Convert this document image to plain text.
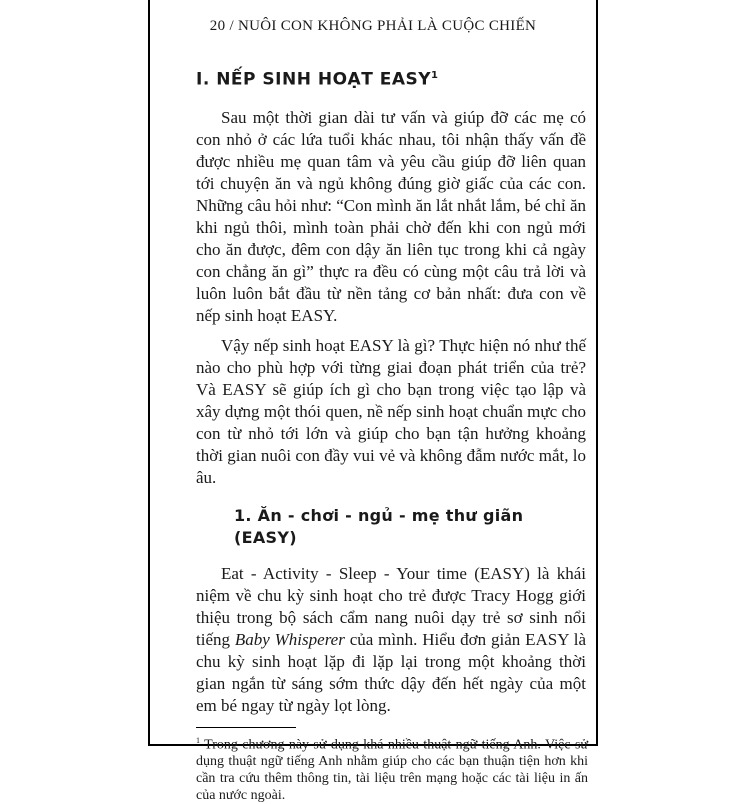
20 / NUÔI CON KHÔNG PHẢI LÀ CUỘC CHIẾN
I. NẾP SINH HOẠT EASY$^1$

Sau một thời gian dài tư vấn và giúp đỡ các mẹ có con nhỏ ở các lứa tuổi khác nhau, tôi nhận thấy vấn đề được nhiều mẹ quan tâm và yêu cầu giúp đỡ liên quan tới chuyện ăn và ngủ không đúng giờ giấc của các con. Những câu hỏi như: “Con mình ăn lắt nhắt lắm, bé chỉ ăn khi ngủ thôi, mình toàn phải chờ đến khi con ngủ mới cho ăn được, đêm con dậy ăn liên tục trong khi cả ngày con chẳng ăn gì” thực ra đều có cùng một câu trả lời và luôn luôn bắt đầu từ nền tảng cơ bản nhất: đưa con về nếp sinh hoạt EASY.

Vậy nếp sinh hoạt EASY là gì? Thực hiện nó như thế nào cho phù hợp với từng giai đoạn phát triển của trẻ? Và EASY sẽ giúp ích gì cho bạn trong việc tạo lập và xây dựng một thói quen, nề nếp sinh hoạt chuẩn mực cho con từ nhỏ tới lớn và giúp cho bạn tận hưởng khoảng thời gian nuôi con đầy vui vẻ và không đẫm nước mắt, lo âu.

1. Ăn - chơi - ngủ - mẹ thư giãn (EASY)

Eat - Activity - Sleep - Your time (EASY) là khái niệm về chu kỳ sinh hoạt cho trẻ được Tracy Hogg giới thiệu trong bộ sách cẩm nang nuôi dạy trẻ sơ sinh nổi tiếng Baby Whisperer của mình. Hiểu đơn giản EASY là chu kỳ sinh hoạt lặp đi lặp lại trong một khoảng thời gian ngắn từ sáng sớm thức dậy đến hết ngày của một em bé ngay từ ngày lọt lòng.

$^1$ Trong chương này sử dụng khá nhiều thuật ngữ tiếng Anh. Việc sử dụng thuật ngữ tiếng Anh nhằm giúp cho các bạn thuận tiện hơn khi cần tra cứu thêm thông tin, tài liệu trên mạng hoặc các tài liệu in ấn của nước ngoài.
